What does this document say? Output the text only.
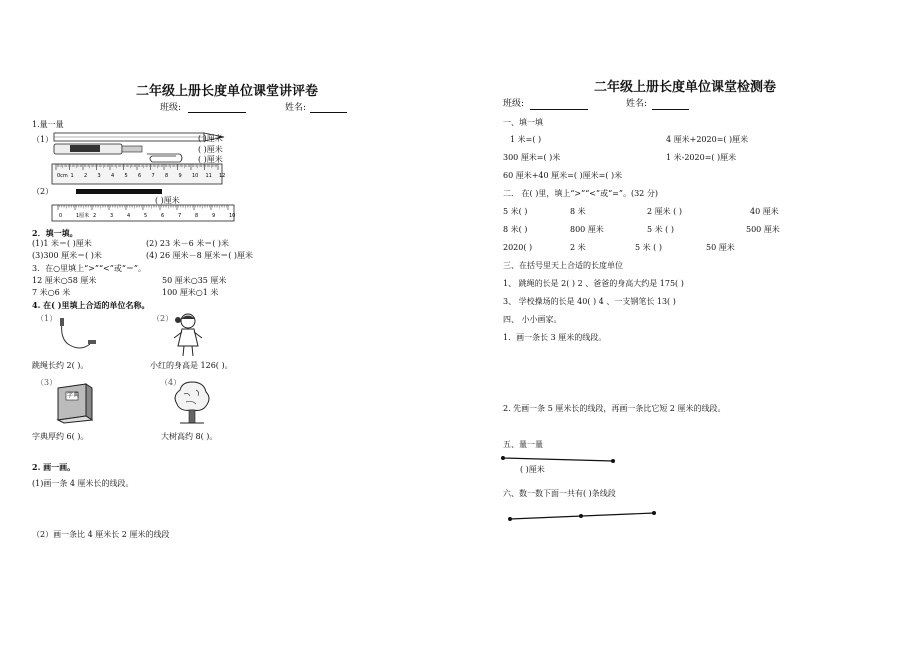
二年级上册长度单位课堂讲评卷
班级:	姓名:
1.量一量
（1）
0cm 1 2 3 4 5 6 7 8 9 10 11 12
( )厘米
( )厘米
( )厘米
（2）
( )厘米
0	1厘米 2	3	4	5	6	7	8	9	10
2．填一填。
(1)1 米＝( )厘米	(2) 23 米－6 米＝( )米
(3)300 厘米＝( )米	(4) 26 厘米－8 厘米＝( )厘米
3．在○里填上“>”“<”或“＝”。
12 厘米○58 厘米	50 厘米○35 厘米
7 米○6 米	100 厘米○1 米
4. 在( )里填上合适的单位名称。
（1）	（2）
跳绳长约 2( )。	小红的身高是 126( )。
（3）	（4）
字典
字典厚约 6( )。	大树高约 8( )。
2. 画一画。
(1)画一条 4 厘米长的线段。
（2）画一条比 4 厘米长 2 厘米的线段
二年级上册长度单位课堂检测卷
班级:	姓名:
一、填一填
1 米=( )	4 厘米+2020=( )厘米
300 厘米=( )米	1 米-2020=( )厘米
60 厘米+40 厘米=( )厘米=( )米
二． 在( )里，填上“>”“<”或“=”。(32 分)
5 米( )	8 米	2 厘米 ( )	40 厘米
8 米( )	800 厘米	5 米 ( )	500 厘米
2020( )	2 米	5 米 ( )	50 厘米
三、在括号里天上合适的长度单位
1、 跳绳的长是 2( ) 2 、爸爸的身高大约是 175( )
3、 学校操场的长是 40( ) 4 、一支钢笔长 13( )
四、 小小画家。
1．画一条长 3 厘米的线段。
2. 先画一条 5 厘米长的线段，再画一条比它短 2 厘米的线段。
五、量一量
( )厘米
六、数一数下面一共有( )条线段
